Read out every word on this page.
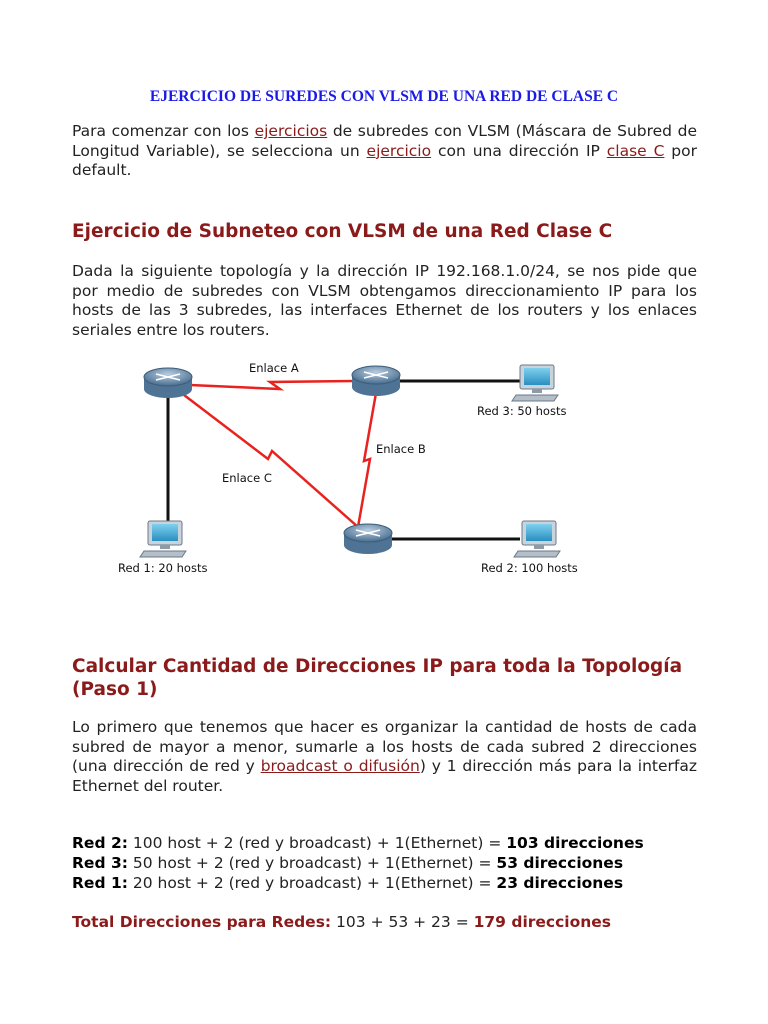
EJERCICIO DE SUREDES CON VLSM DE UNA RED DE CLASE C
Para comenzar con los ejercicios de subredes con VLSM (Máscara de Subred de Longitud Variable), se selecciona un ejercicio con una dirección IP clase C por default.
Ejercicio de Subneteo con VLSM de una Red Clase C
Dada la siguiente topología y la dirección IP 192.168.1.0/24, se nos pide que por medio de subredes con VLSM obtengamos direccionamiento IP para los hosts de las 3 subredes, las interfaces Ethernet de los routers y los enlaces seriales entre los routers.
Enlace A
Enlace B
Enlace C
Red 3: 50 hosts
Red 1: 20 hosts	Red 2: 100 hosts
Calcular Cantidad de Direcciones IP para toda la Topología (Paso 1)
Lo primero que tenemos que hacer es organizar la cantidad de hosts de cada subred de mayor a menor, sumarle a los hosts de cada subred 2 direcciones (una dirección de red y broadcast o difusión) y 1 dirección más para la interfaz Ethernet del router.
Red 2: 100 host + 2 (red y broadcast) + 1(Ethernet) = 103 direcciones
Red 3: 50 host + 2 (red y broadcast) + 1(Ethernet) = 53 direcciones
Red 1: 20 host + 2 (red y broadcast) + 1(Ethernet) = 23 direcciones
Total Direcciones para Redes: 103 + 53 + 23 = 179 direcciones
